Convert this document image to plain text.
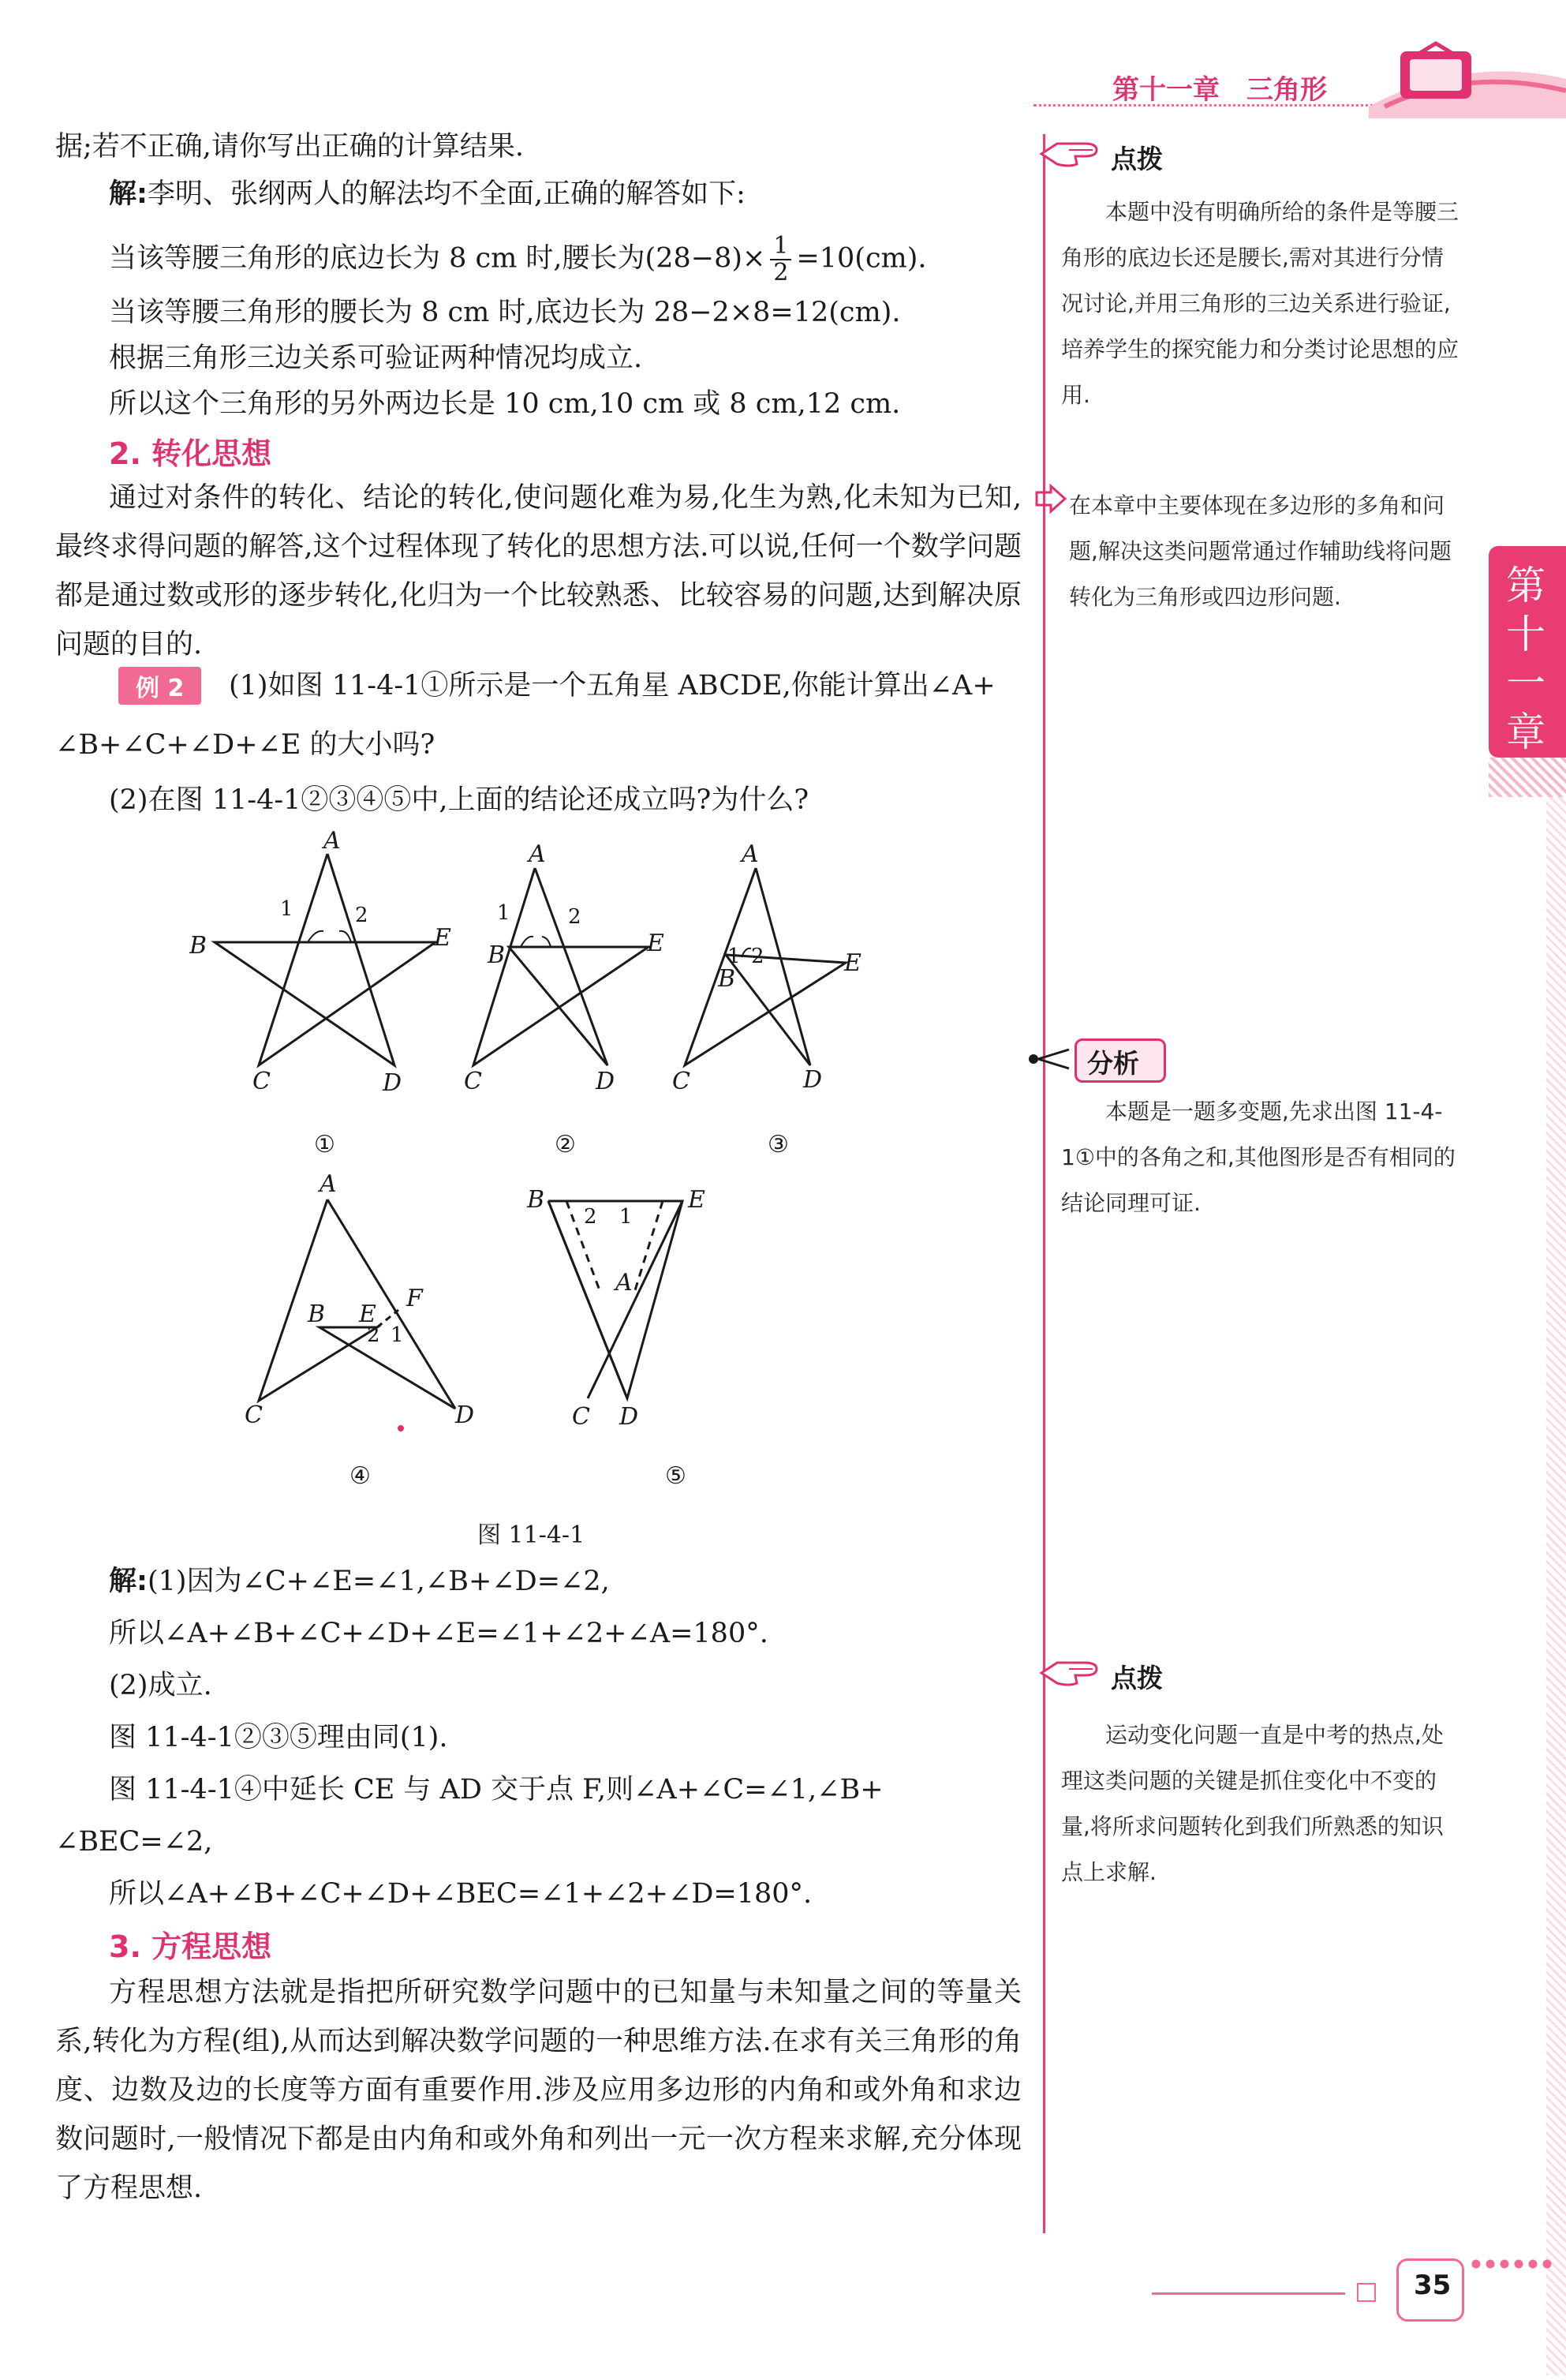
第十一章 三角形
第
十
一
章
据;若不正确,请你写出正确的计算结果.
解:李明、张纲两人的解法均不全面,正确的解答如下:
当该等腰三角形的底边长为 8 cm 时,腰长为$(28-8)\times \frac{1}{2} =10(cm)$.
当该等腰三角形的腰长为 8 cm 时,底边长为 28−2×8=12(cm).
根据三角形三边关系可验证两种情况均成立.
所以这个三角形的另外两边长是 10 cm,10 cm 或 8 cm,12 cm.
2. 转化思想
通过对条件的转化、结论的转化,使问题化难为易,化生为熟,化未知为已知,最终求得问题的解答,这个过程体现了转化的思想方法.可以说,任何一个数学问题都是通过数或形的逐步转化,化归为一个比较熟悉、比较容易的问题,达到解决原问题的目的.
例 2	(1)如图 11-4-1①所示是一个五角星 ABCDE,你能计算出∠A+
∠B+∠C+∠D+∠E 的大小吗?
(2)在图 11-4-1②③④⑤中,上面的结论还成立吗?为什么?
A
B
C	D
E
1	2
A
B
C	D
E
1	2
A
B
C	D
E
1 2
A
B E
F
C	D
1
2
B	E
A
C D
2 1
①	②	③
④	⑤
图 11-4-1
解:(1)因为∠C+∠E=∠1,∠B+∠D=∠2,
所以∠A+∠B+∠C+∠D+∠E=∠1+∠2+∠A=180°.
(2)成立.
图 11-4-1②③⑤理由同(1).
图 11-4-1④中延长 CE 与 AD 交于点 F,则∠A+∠C=∠1,∠B+
∠BEC=∠2,
所以∠A+∠B+∠C+∠D+∠BEC=∠1+∠2+∠D=180°.
3. 方程思想
方程思想方法就是指把所研究数学问题中的已知量与未知量之间的等量关系,转化为方程(组),从而达到解决数学问题的一种思维方法.在求有关三角形的角度、边数及边的长度等方面有重要作用.涉及应用多边形的内角和或外角和求边数问题时,一般情况下都是由内角和或外角和列出一元一次方程来求解,充分体现了方程思想.
点拨
本题中没有明确所给的条件是等腰三角形的底边长还是腰长,需对其进行分情况讨论,并用三角形的三边关系进行验证,培养学生的探究能力和分类讨论思想的应用.
在本章中主要体现在多边形的多角和问题,解决这类问题常通过作辅助线将问题转化为三角形或四边形问题.
分析
本题是一题多变题,先求出图 11-4-1①中的各角之和,其他图形是否有相同的结论同理可证.
点拨
运动变化问题一直是中考的热点,处理这类问题的关键是抓住变化中不变的量,将所求问题转化到我们所熟悉的知识点上求解.
35
